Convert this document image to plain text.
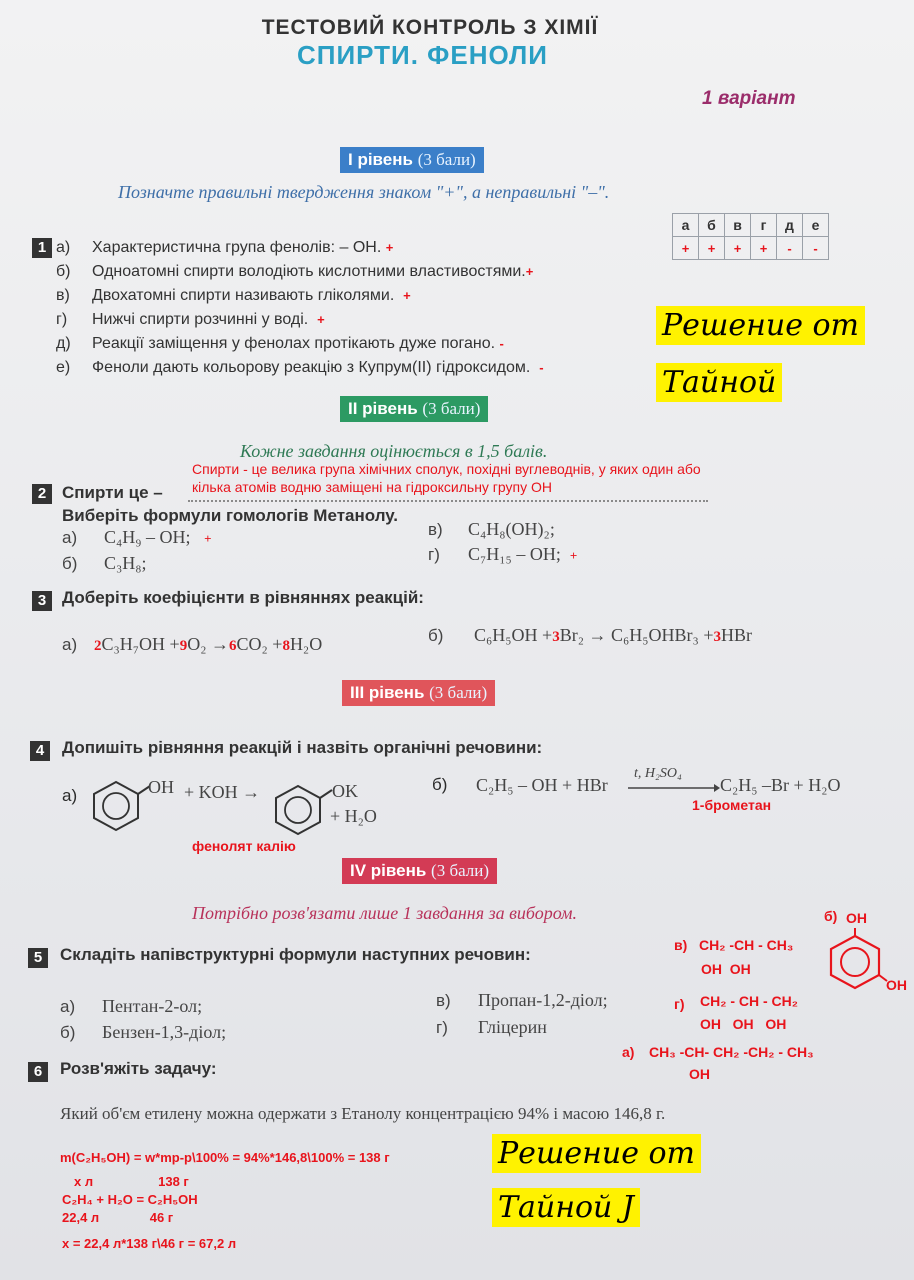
ТЕСТОВИЙ КОНТРОЛЬ З ХІМІЇ
СПИРТИ. ФЕНОЛИ
1 варіант
І рівень (3 бали)
Позначте правильні твердження знаком "+", а неправильні "–".
1 а) Характеристична група фенолів: – ОН. +
б) Одноатомні спирти володіють кислотними властивостями.+
в) Двохатомні спирти називають гліколями. +
г) Нижчі спирти розчинні у воді. +
д) Реакції заміщення у фенолах протікають дуже погано. -
е) Феноли дають кольорову реакцію з Купрум(ІІ) гідроксидом. -
а	б	в	г	д	е
+	+	+	+	-	-
Решение от
Тайной
ІІ рівень (3 бали)
Кожне завдання оцінюється в 1,5 балів.
Спирти - це велика група хімічних сполук, похідні вуглеводнів, у яких один або
кілька атомів водню заміщені на гідроксильну групу ОН
2 Спирти це –
Виберіть формули гомологів Метанолу.
а) C₄H₉ – OH; +
б) C₃H₈;
в) C₄H₈(OH)₂;
г) C₇H₁₅ – OH; +
3 Доберіть коефіцієнти в рівняннях реакцій:
а) 2C₃H₇OH +9O₂ →6CO₂ +8H₂O	б) C₆H₅OH +3Br₂ → C₆H₅OHBr₃ +3HBr
ІІІ рівень (3 бали)
4	Допишіть рівняння реакцій і назвіть органічні речовини:
а)	OH + KOH →	OK
+ H₂O
фенолят калію
б) C₂H₅ – OH + HBr
t, H₂SO₄
C₂H₅ –Br + H₂O
1-брометан
ІV рівень (3 бали)
Потрібно розв'язати лише 1 завдання за вибором.
5	Складіть напівструктурні формули наступних речовин:
а) Пентан-2-ол;
б) Бензен-1,3-діол;
в) Пропан-1,2-діол;
г) Гліцерин
в) CH₂ -CH - CH₃
OH  OH
б) OH
OH
г) CH₂ - CH - CH₂
OH   OH   OH
а) CH₃ -CH- CH₂ -CH₂ - CH₃
OH
6	Розв'яжіть задачу:
Який об'єм етилену можна одержати з Етанолу концентрацією 94% і масою 146,8 г.
m(C₂H₅OH) = w*mр-р\100% = 94%*146,8\100% = 138 г
x л                  138 г
C₂H₄ + H₂O = C₂H₅OH
22,4 л              46 г
x = 22,4 л*138 г\46 г = 67,2 л
Решение от
Тайной J
